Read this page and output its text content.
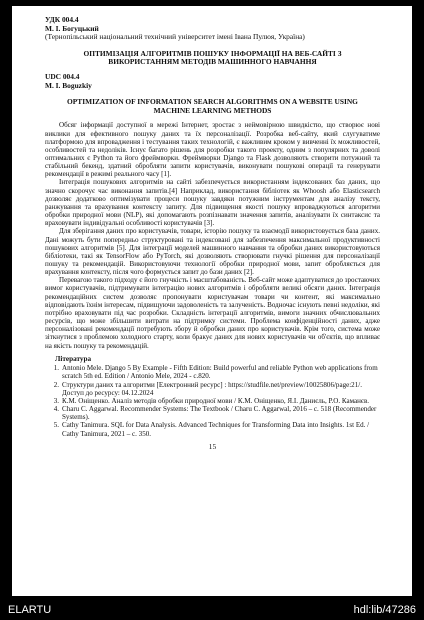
УДК 004.4
М. І. Богуцький
(Тернопільський національний технічний університет імені Івана Пулюя, Україна)
ОПТИМІЗАЦІЯ АЛГОРИТМІВ ПОШУКУ ІНФОРМАЦІЇ НА ВЕБ-САЙТІ З
ВИКОРИСТАННЯМ МЕТОДІВ МАШИННОГО НАВЧАННЯ
UDC 004.4
M. I. Boguzkiy
OPTIMIZATION OF INFORMATION SEARCH ALGORITHMS ON A WEBSITE USING
MACHINE LEARNING METHODS

Обсяг інформації доступної в мережі Інтернет, зростає з неймовірною швидкістю, що створює нові виклики для ефективного пошуку даних та їх персоналізації. Розробка веб-сайту, який слугуватиме платформою для впровадження і тестування таких технологій, є важливим кроком у вивченні їх можливостей, особливостей та недоліків. Існує багато рішень для розробки такого проекту, одним з популярних та доволі оптимальних є Python та його фреймворки. Фреймворки Django та Flask дозволяють створити потужний та стабільний бекенд, здатний обробляти запити користувачів, виконувати пошукові операції та генерувати рекомендації в режимі реального часу [1].

Інтеграція пошукових алгоритмів на сайті забезпечується використанням індексованих баз даних, що значно скорочує час виконання запитів.[4] Наприклад, використання бібліотек як Whoosh або Elasticsearch дозволяє додатково оптимізувати процеси пошуку завдяки потужним інструментам для аналізу тексту, ранжування та врахування контексту запиту. Для підвищення якості пошуку впроваджуються алгоритми обробки природної мови (NLP), які допомагають розпізнавати значення запитів, аналізувати їх синтаксис та враховувати індивідуальні особливості користувачів [3].

Для зберігання даних про користувачів, товари, історію пошуку та взаємодії використовується база даних. Дані можуть бути попередньо структуровані та індексовані для забезпечення максимальної продуктивності пошукових алгоритмів [5]. Для інтеграції моделей машинного навчання та обробки даних використовуються бібліотеки, такі як TensorFlow або PyTorch, які дозволяють створювати гнучкі рішення для персоналізації пошуку та рекомендацій. Використовуючи технології обробки природної мови, запит обробляється для врахування контексту, після чого формується запит до бази даних [2].

Перевагою такого підходу є його гнучкість і масштабованість. Веб-сайт може адаптуватися до зростаючих вимог користувачів, підтримувати інтеграцію нових алгоритмів і обробляти великі обсяги даних. Інтеграція рекомендаційних систем дозволяє пропонувати користувачам товари чи контент, які максимально відповідають їхнім інтересам, підвищуючи задоволеність та залученість. Водночас існують певні недоліки, які потрібно враховувати під час розробки. Складність інтеграції алгоритмів, вимоги значних обчислювальних ресурсів, що може збільшити витрати на підтримку системи. Проблема конфіденційності даних, адже персоналізовані рекомендації потребують збору й обробки даних про користувачів. Крім того, система може зіткнутися з проблемою холодного старту, коли бракує даних для нових користувачів чи об'єктів, що впливає на якість пошуку та рекомендацій.

Література
1. Antonio Mele. Django 5 By Example - Fifth Edition: Build powerful and reliable Python web applications from scratch 5th ed. Edition / Antonio Mele, 2024 - с.820.
2. Структури даних та алгоритми [Електронний ресурс] : https://studfile.net/preview/10025806/page:21/. Доступ до ресурсу: 04.12.2024
3. К.М. Оніщенко. Аналіз методів обробки природної мови / К.М. Оніщенко, Я.І. Даниєль, Р.О. Каманєв.
4. Charu C. Aggarwal. Recommender Systems: The Textbook / Charu C. Aggarwal, 2016 – с. 518 (Recommender Systems).
5. Cathy Tanimura. SQL for Data Analysis. Advanced Techniques for Transforming Data into Insights. 1st Ed. / Cathy Tanimura, 2021 – с. 350.
15
ELARTU	hdl:lib/47286
